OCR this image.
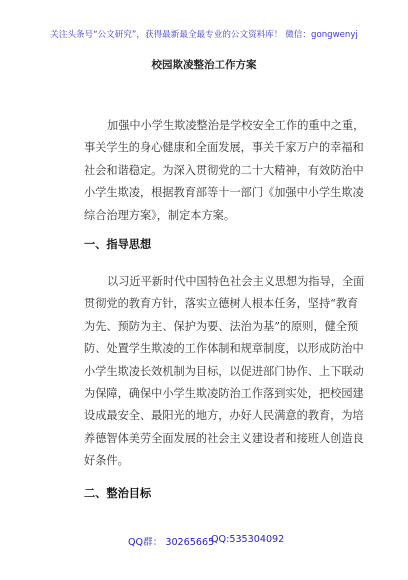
关注头条号“公文研究”，获得最新最全最专业的公文资料库！ 微信：gongwenyj
校园欺凌整治工作方案
加强中小学生欺凌整治是学校安全工作的重中之重，
事关学生的身心健康和全面发展，事关千家万户的幸福和
社会和谐稳定。为深入贯彻党的二十大精神，有效防治中
小学生欺凌，根据教育部等十一部门《加强中小学生欺凌
综合治理方案》，制定本方案。
一、指导思想
以习近平新时代中国特色社会主义思想为指导，全面
贯彻党的教育方针，落实立德树人根本任务，坚持“教育
为先、预防为主、保护为要、法治为基”的原则，健全预
防、处置学生欺凌的工作体制和规章制度，以形成防治中
小学生欺凌长效机制为目标，以促进部门协作、上下联动
为保障，确保中小学生欺凌防治工作落到实处，把校园建
设成最安全、最阳光的地方，办好人民满意的教育，为培
养德智体美劳全面发展的社会主义建设者和接班人创造良
好条件。
二、整治目标
QQ群： 30265665
QQ:535304092
